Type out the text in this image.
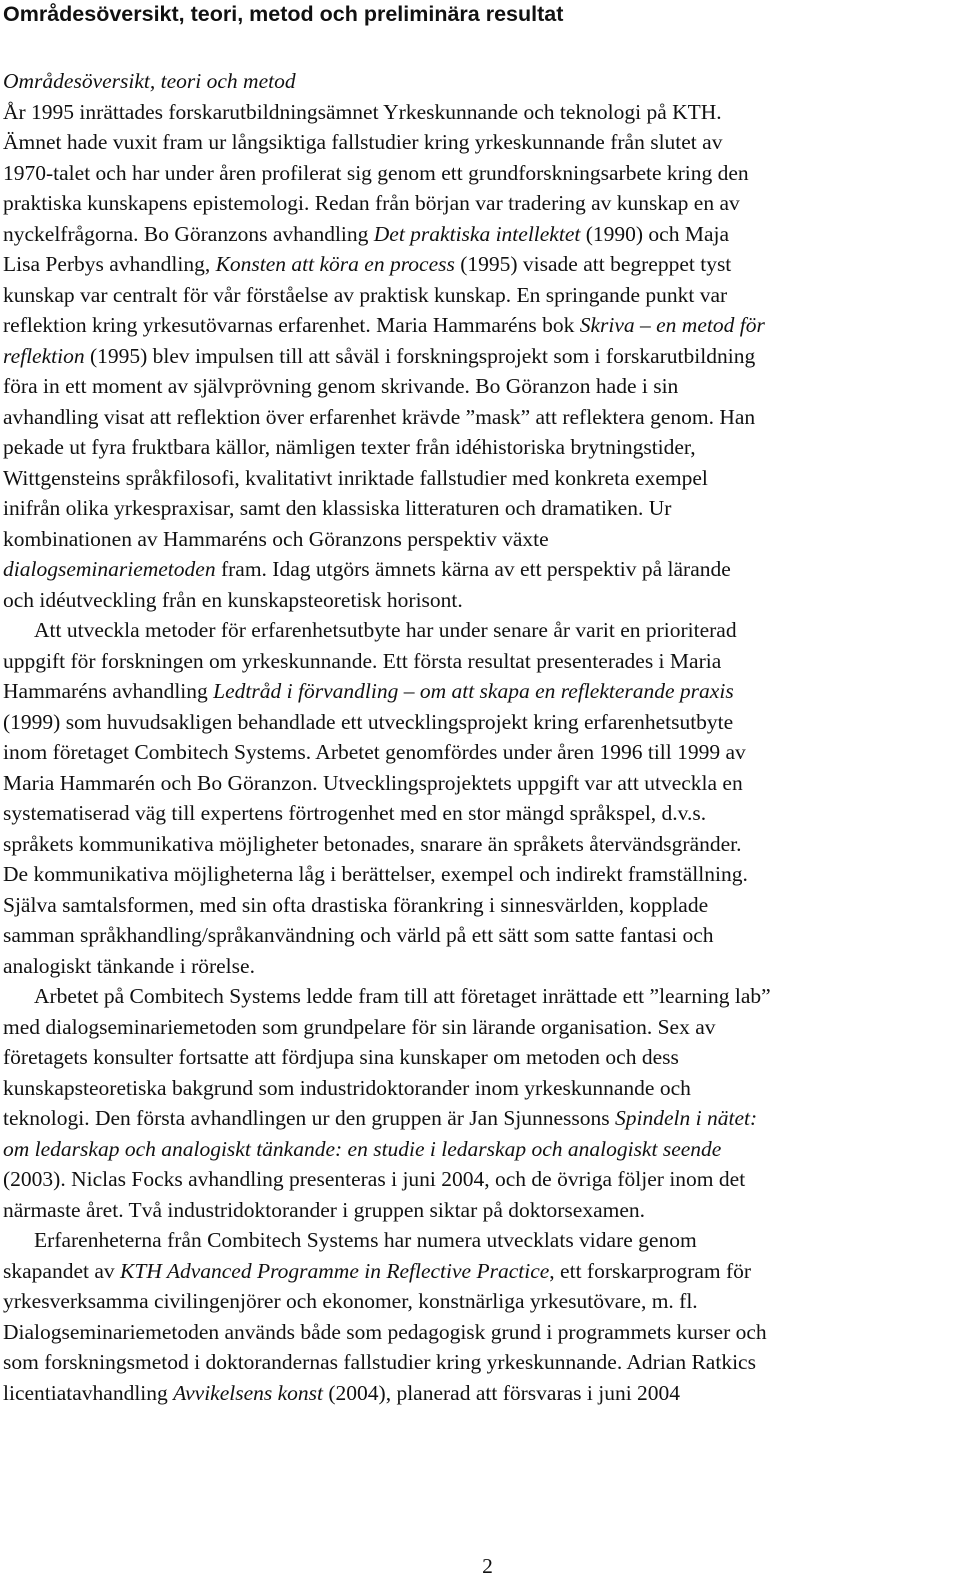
Områdesöversikt, teori, metod och preliminära resultat
Områdesöversikt, teori och metod
År 1995 inrättades forskarutbildningsämnet Yrkeskunnande och teknologi på KTH.
Ämnet hade vuxit fram ur långsiktiga fallstudier kring yrkeskunnande från slutet av
1970-talet och har under åren profilerat sig genom ett grundforskningsarbete kring den
praktiska kunskapens epistemologi. Redan från början var tradering av kunskap en av
nyckelfrågorna. Bo Göranzons avhandling Det praktiska intellektet (1990) och Maja
Lisa Perbys avhandling, Konsten att köra en process (1995) visade att begreppet tyst
kunskap var centralt för vår förståelse av praktisk kunskap. En springande punkt var
reflektion kring yrkesutövarnas erfarenhet. Maria Hammaréns bok Skriva – en metod för
reflektion (1995) blev impulsen till att såväl i forskningsprojekt som i forskarutbildning
föra in ett moment av självprövning genom skrivande. Bo Göranzon hade i sin
avhandling visat att reflektion över erfarenhet krävde ”mask” att reflektera genom. Han
pekade ut fyra fruktbara källor, nämligen texter från idéhistoriska brytningstider,
Wittgensteins språkfilosofi, kvalitativt inriktade fallstudier med konkreta exempel
inifrån olika yrkespraxisar, samt den klassiska litteraturen och dramatiken. Ur
kombinationen av Hammaréns och Göranzons perspektiv växte
dialogseminariemetoden fram. Idag utgörs ämnets kärna av ett perspektiv på lärande
och idéutveckling från en kunskapsteoretisk horisont.
Att utveckla metoder för erfarenhetsutbyte har under senare år varit en prioriterad
uppgift för forskningen om yrkeskunnande. Ett första resultat presenterades i Maria
Hammaréns avhandling Ledtråd i förvandling – om att skapa en reflekterande praxis
(1999) som huvudsakligen behandlade ett utvecklingsprojekt kring erfarenhetsutbyte
inom företaget Combitech Systems. Arbetet genomfördes under åren 1996 till 1999 av
Maria Hammarén och Bo Göranzon. Utvecklingsprojektets uppgift var att utveckla en
systematiserad väg till expertens förtrogenhet med en stor mängd språkspel, d.v.s.
språkets kommunikativa möjligheter betonades, snarare än språkets återvändsgränder.
De kommunikativa möjligheterna låg i berättelser, exempel och indirekt framställning.
Själva samtalsformen, med sin ofta drastiska förankring i sinnesvärlden, kopplade
samman språkhandling/språkanvändning och värld på ett sätt som satte fantasi och
analogiskt tänkande i rörelse.
Arbetet på Combitech Systems ledde fram till att företaget inrättade ett ”learning lab”
med dialogseminariemetoden som grundpelare för sin lärande organisation. Sex av
företagets konsulter fortsatte att fördjupa sina kunskaper om metoden och dess
kunskapsteoretiska bakgrund som industridoktorander inom yrkeskunnande och
teknologi. Den första avhandlingen ur den gruppen är Jan Sjunnessons Spindeln i nätet:
om ledarskap och analogiskt tänkande: en studie i ledarskap och analogiskt seende
(2003). Niclas Focks avhandling presenteras i juni 2004, och de övriga följer inom det
närmaste året. Två industridoktorander i gruppen siktar på doktorsexamen.
Erfarenheterna från Combitech Systems har numera utvecklats vidare genom
skapandet av KTH Advanced Programme in Reflective Practice, ett forskarprogram för
yrkesverksamma civilingenjörer och ekonomer, konstnärliga yrkesutövare, m. fl.
Dialogseminariemetoden används både som pedagogisk grund i programmets kurser och
som forskningsmetod i doktorandernas fallstudier kring yrkeskunnande. Adrian Ratkics
licentiatavhandling Avvikelsens konst (2004), planerad att försvaras i juni 2004
2
